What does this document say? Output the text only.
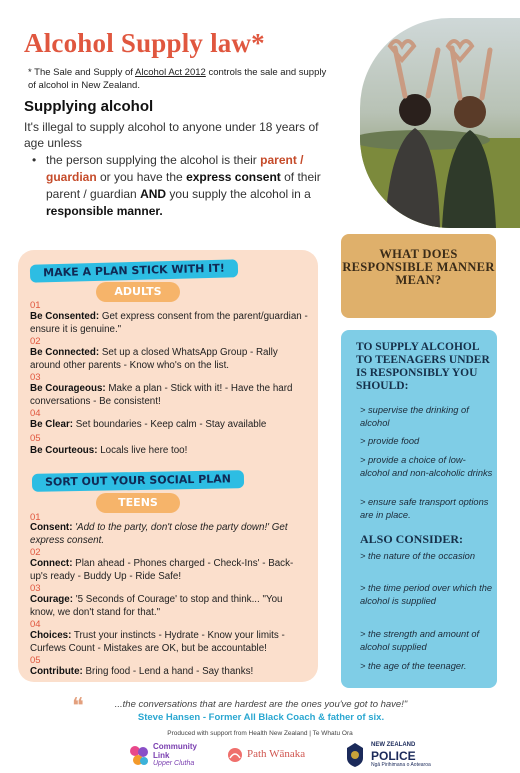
Alcohol Supply law*
* The Sale and Supply of Alcohol Act 2012 controls the sale and supply of alcohol in New Zealand.
Supplying alcohol
It's illegal to supply alcohol to anyone under 18 years of age unless
• the person supplying the alcohol is their parent / guardian or you have the express consent of their parent / guardian AND you supply the alcohol in a responsible manner.
MAKE A PLAN STICK WITH IT!
ADULTS
01
Be Consented: Get express consent from the parent/guardian - ensure it is genuine."
02
Be Connected: Set up a closed WhatsApp Group - Rally around other parents - Know who's on the list.
03
Be Courageous: Make a plan - Stick with it! - Have the hard conversations - Be consistent!
04
Be Clear: Set boundaries - Keep calm - Stay available
05
Be Courteous: Locals live here too!
SORT OUT YOUR SOCIAL PLAN
TEENS
01
Consent: 'Add to the party, don't close the party down!' Get express consent.
02
Connect: Plan ahead - Phones charged - Check-Ins' - Back-up's ready - Buddy Up - Ride Safe!
03
Courage: '5 Seconds of Courage' to stop and think... "You know, we don't stand for that."
04
Choices: Trust your instincts - Hydrate - Know your limits - Curfews Count - Mistakes are OK, but be accountable!
05
Contribute: Bring food - Lend a hand - Say thanks!
WHAT DOES RESPONSIBLE MANNER MEAN?
TO SUPPLY ALCOHOL TO TEENAGERS UNDER IS RESPONSIBLY YOU SHOULD:
> supervise the drinking of alcohol
> provide food
> provide a choice of low-alcohol and non-alcoholic drinks
> ensure safe transport options are in place.
ALSO CONSIDER:
> the nature of the occasion
> the time period over which the alcohol is supplied
> the strength and amount of alcohol supplied
> the age of the teenager.
❝	...the conversations that are hardest are the ones you've got to have!"
Steve Hansen - Former All Black Coach & father of six.
Produced with support from Health New Zealand | Te Whatu Ora
Community
Link
Upper Clutha
Path Wānaka
NEW ZEALAND
POLICE
Ngā Pirihimana o Aotearoa
